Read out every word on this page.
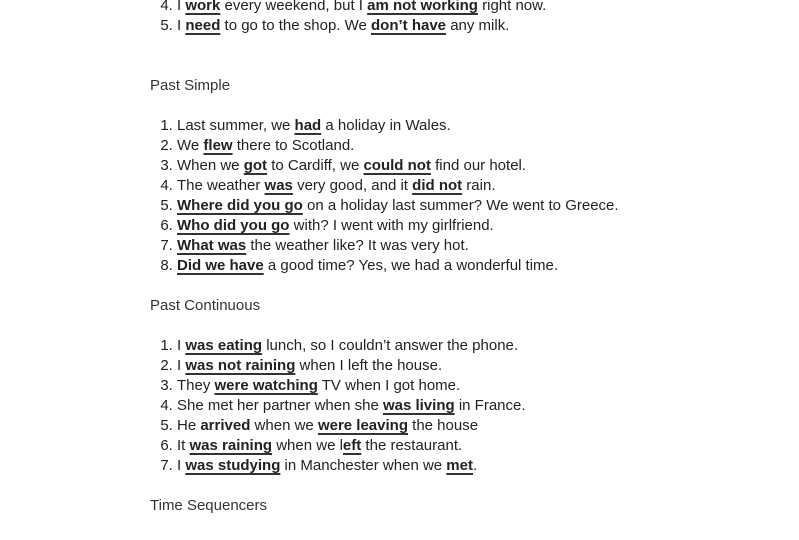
4. I work every weekend, but I am not working right now.
5. I need to go to the shop. We don’t have any milk.

Past Simple

1. Last summer, we had a holiday in Wales.
2. We flew there to Scotland.
3. When we got to Cardiff, we could not find our hotel.
4. The weather was very good, and it did not rain.
5. Where did you go on a holiday last summer? We went to Greece.
6. Who did you go with? I went with my girlfriend.
7. What was the weather like? It was very hot.
8. Did we have a good time? Yes, we had a wonderful time.

Past Continuous

1. I was eating lunch, so I couldn’t answer the phone.
2. I was not raining when I left the house.
3. They were watching TV when I got home.
4. She met her partner when she was living in France.
5. He arrived when we were leaving the house
6. It was raining when we left the restaurant.
7. I was studying in Manchester when we met.

Time Sequencers
